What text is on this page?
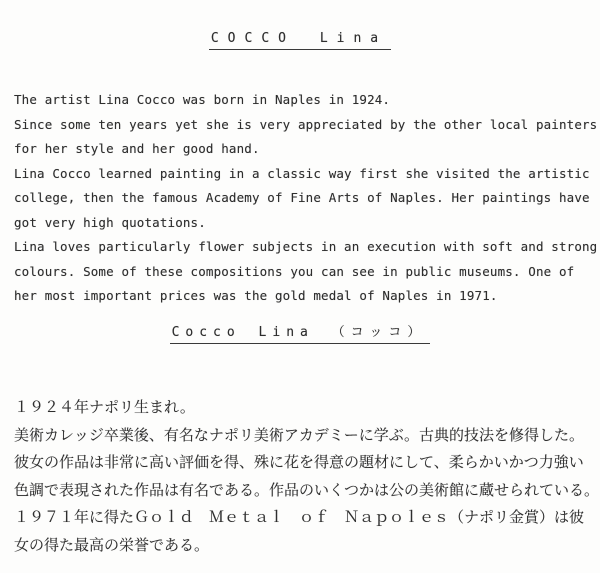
COCCO Lina
The artist Lina Cocco was born in Naples in 1924.
Since some ten years yet she is very appreciated by the other local painters
for her style and her good hand.
Lina Cocco learned painting in a classic way first she visited the artistic
college, then the famous Academy of Fine Arts of Naples. Her paintings have
got very high quotations.
Lina loves particularly flower subjects in an execution with soft and strong
colours. Some of these compositions you can see in public museums. One of
her most important prices was the gold medal of Naples in 1971.
Cocco Lina （コッコ）
１９２４年ナポリ生まれ。
美術カレッジ卒業後、有名なナポリ美術アカデミーに学ぶ。古典的技法を修得した。
彼女の作品は非常に高い評価を得、殊に花を得意の題材にして、柔らかいかつ力強い
色調で表現された作品は有名である。作品のいくつかは公の美術館に蔵せられている。
１９７１年に得たＧｏｌｄ　Ｍｅｔａｌ　ｏｆ　Ｎａｐｏｌｅｓ（ナポリ金賞）は彼
女の得た最高の栄誉である。
